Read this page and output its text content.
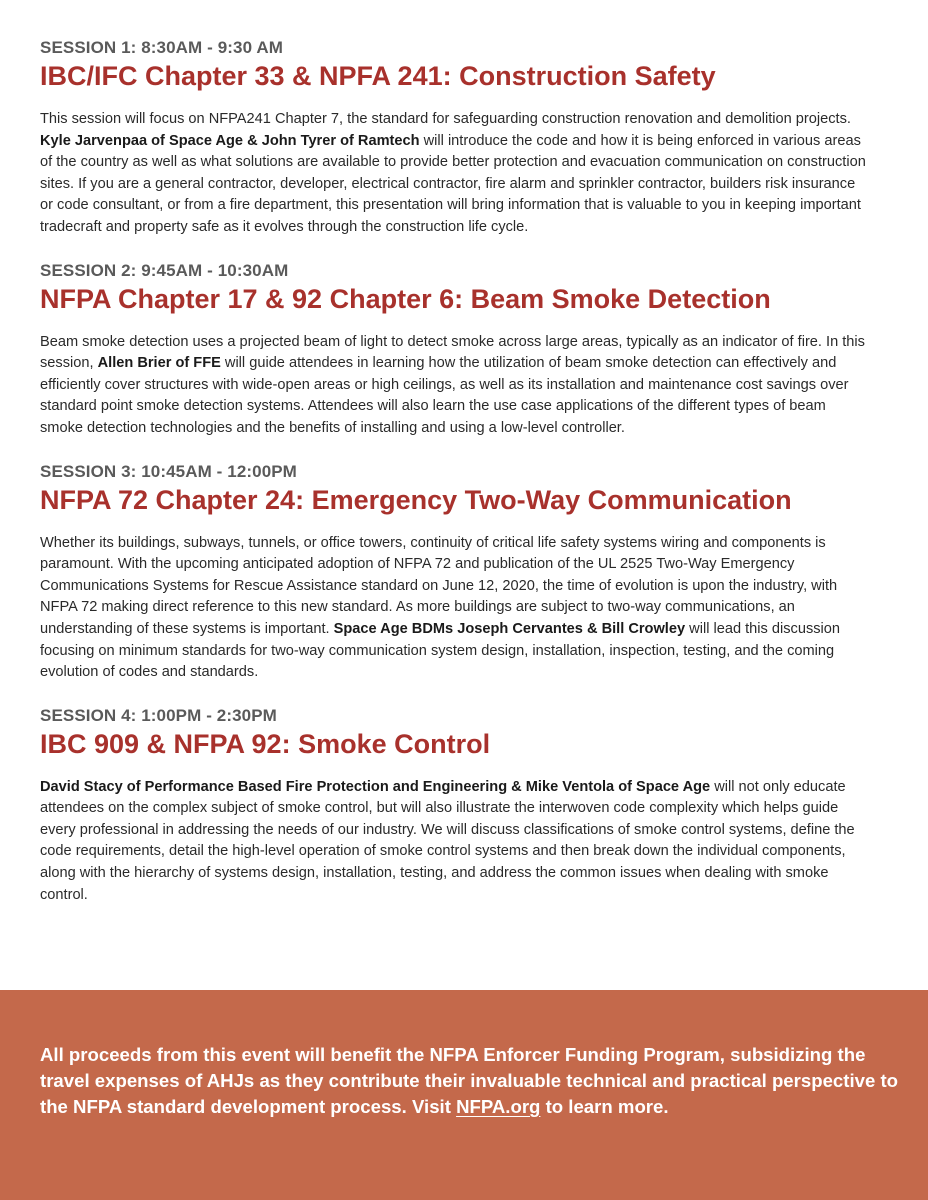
SESSION 1: 8:30AM - 9:30 AM
IBC/IFC Chapter 33 & NPFA 241: Construction Safety

This session will focus on NFPA241 Chapter 7, the standard for safeguarding construction renovation and demolition projects. Kyle Jarvenpaa of Space Age & John Tyrer of Ramtech will introduce the code and how it is being enforced in various areas of the country as well as what solutions are available to provide better protection and evacuation communication on construction sites. If you are a general contractor, developer, electrical contractor, fire alarm and sprinkler contractor, builders risk insurance or code consultant, or from a fire department, this presentation will bring information that is valuable to you in keeping important tradecraft and property safe as it evolves through the construction life cycle.

SESSION 2: 9:45AM - 10:30AM
NFPA Chapter 17 & 92 Chapter 6: Beam Smoke Detection

Beam smoke detection uses a projected beam of light to detect smoke across large areas, typically as an indicator of fire. In this session, Allen Brier of FFE will guide attendees in learning how the utilization of beam smoke detection can effectively and efficiently cover structures with wide-open areas or high ceilings, as well as its installation and maintenance cost savings over standard point smoke detection systems. Attendees will also learn the use case applications of the different types of beam smoke detection technologies and the benefits of installing and using a low-level controller.

SESSION 3: 10:45AM - 12:00PM
NFPA 72 Chapter 24: Emergency Two-Way Communication

Whether its buildings, subways, tunnels, or office towers, continuity of critical life safety systems wiring and components is paramount. With the upcoming anticipated adoption of NFPA 72 and publication of the UL 2525 Two-Way Emergency Communications Systems for Rescue Assistance standard on June 12, 2020, the time of evolution is upon the industry, with NFPA 72 making direct reference to this new standard. As more buildings are subject to two-way communications, an understanding of these systems is important. Space Age BDMs Joseph Cervantes & Bill Crowley will lead this discussion focusing on minimum standards for two-way communication system design, installation, inspection, testing, and the coming evolution of codes and standards.

SESSION 4: 1:00PM - 2:30PM
IBC 909 & NFPA 92: Smoke Control

David Stacy of Performance Based Fire Protection and Engineering & Mike Ventola of Space Age will not only educate attendees on the complex subject of smoke control, but will also illustrate the interwoven code complexity which helps guide every professional in addressing the needs of our industry. We will discuss classifications of smoke control systems, define the code requirements, detail the high-level operation of smoke control systems and then break down the individual components, along with the hierarchy of systems design, installation, testing, and address the common issues when dealing with smoke control.

All proceeds from this event will benefit the NFPA Enforcer Funding Program, subsidizing the travel expenses of AHJs as they contribute their invaluable technical and practical perspective to the NFPA standard development process. Visit NFPA.org to learn more.
